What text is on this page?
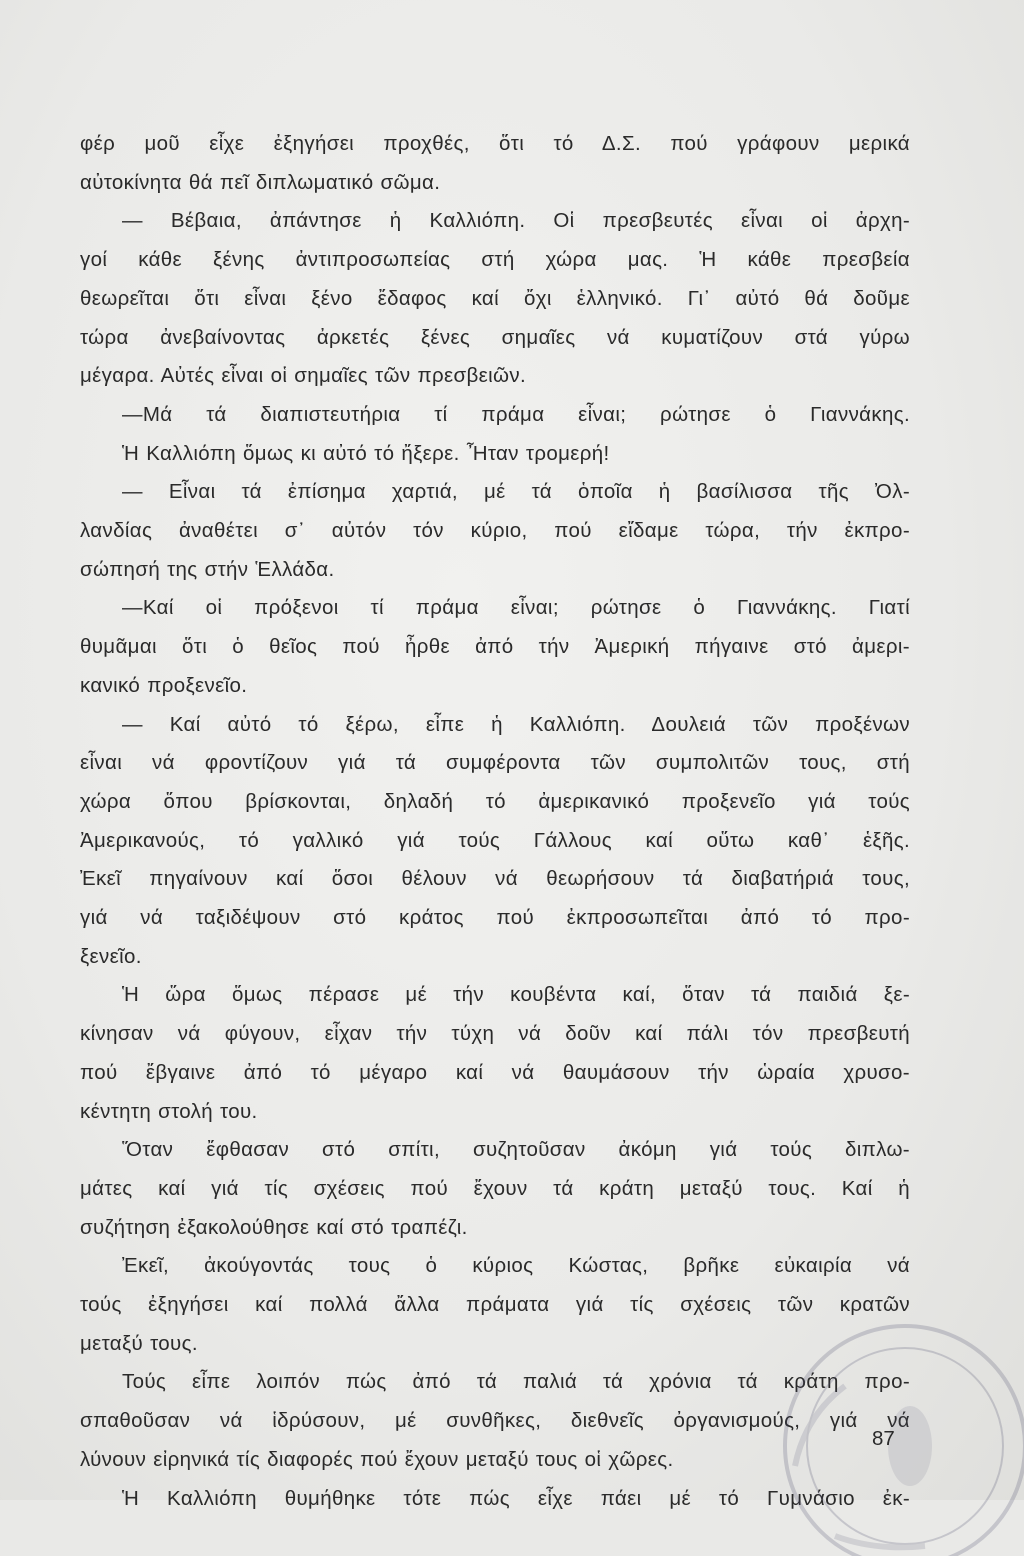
φέρ μοῦ εἶχε ἐξηγήσει προχθές, ὅτι τό Δ.Σ. πού γράφουν μερικά
αὐτοκίνητα θά πεῖ διπλωματικό σῶμα.
— Βέβαια, ἀπάντησε ἡ Καλλιόπη. Οἱ πρεσβευτές εἶναι οἱ ἀρχη-
γοί κάθε ξένης ἀντιπροσωπείας στή χώρα μας. Ἡ κάθε πρεσβεία
θεωρεῖται ὅτι εἶναι ξένο ἔδαφος καί ὄχι ἑλληνικό. Γι᾽ αὐτό θά δοῦμε
τώρα ἀνεβαίνοντας ἀρκετές ξένες σημαῖες νά κυματίζουν στά γύρω
μέγαρα. Αὐτές εἶναι οἱ σημαῖες τῶν πρεσβειῶν.
—Μά τά διαπιστευτήρια τί πράμα εἶναι; ρώτησε ὁ Γιαννάκης.
Ἡ Καλλιόπη ὅμως κι αὐτό τό ἤξερε. Ἦταν τρομερή!
— Εἶναι τά ἐπίσημα χαρτιά, μέ τά ὁποῖα ἡ βασίλισσα τῆς Ὀλ-
λανδίας ἀναθέτει σ᾽ αὐτόν τόν κύριο, πού εἴδαμε τώρα, τήν ἐκπρο-
σώπησή της στήν Ἑλλάδα.
—Καί οἱ πρόξενοι τί πράμα εἶναι; ρώτησε ὁ Γιαννάκης. Γιατί
θυμᾶμαι ὅτι ὁ θεῖος πού ἦρθε ἀπό τήν Ἀμερική πήγαινε στό ἀμερι-
κανικό προξενεῖο.
— Καί αὐτό τό ξέρω, εἶπε ἡ Καλλιόπη. Δουλειά τῶν προξένων
εἶναι νά φροντίζουν γιά τά συμφέροντα τῶν συμπολιτῶν τους, στή
χώρα ὅπου βρίσκονται, δηλαδή τό ἀμερικανικό προξενεῖο γιά τούς
Ἀμερικανούς, τό γαλλικό γιά τούς Γάλλους καί οὕτω καθ᾽ ἑξῆς.
Ἐκεῖ πηγαίνουν καί ὅσοι θέλουν νά θεωρήσουν τά διαβατήριά τους,
γιά νά ταξιδέψουν στό κράτος πού ἐκπροσωπεῖται ἀπό τό προ-
ξενεῖο.
Ἡ ὥρα ὅμως πέρασε μέ τήν κουβέντα καί, ὅταν τά παιδιά ξε-
κίνησαν νά φύγουν, εἶχαν τήν τύχη νά δοῦν καί πάλι τόν πρεσβευτή
πού ἔβγαινε ἀπό τό μέγαρο καί νά θαυμάσουν τήν ὡραία χρυσο-
κέντητη στολή του.
Ὅταν ἔφθασαν στό σπίτι, συζητοῦσαν ἀκόμη γιά τούς διπλω-
μάτες καί γιά τίς σχέσεις πού ἔχουν τά κράτη μεταξύ τους. Καί ἡ
συζήτηση ἐξακολούθησε καί στό τραπέζι.
Ἐκεῖ, ἀκούγοντάς τους ὁ κύριος Κώστας, βρῆκε εὐκαιρία νά
τούς ἐξηγήσει καί πολλά ἄλλα πράματα γιά τίς σχέσεις τῶν κρατῶν
μεταξύ τους.
Τούς εἶπε λοιπόν πώς ἀπό τά παλιά τά χρόνια τά κράτη προ-
σπαθοῦσαν νά ἱδρύσουν, μέ συνθῆκες, διεθνεῖς ὀργανισμούς, γιά νά
λύνουν εἰρηνικά τίς διαφορές πού ἔχουν μεταξύ τους οἱ χῶρες.
Ἡ Καλλιόπη θυμήθηκε τότε πώς εἶχε πάει μέ τό Γυμνάσιο ἐκ-
87
